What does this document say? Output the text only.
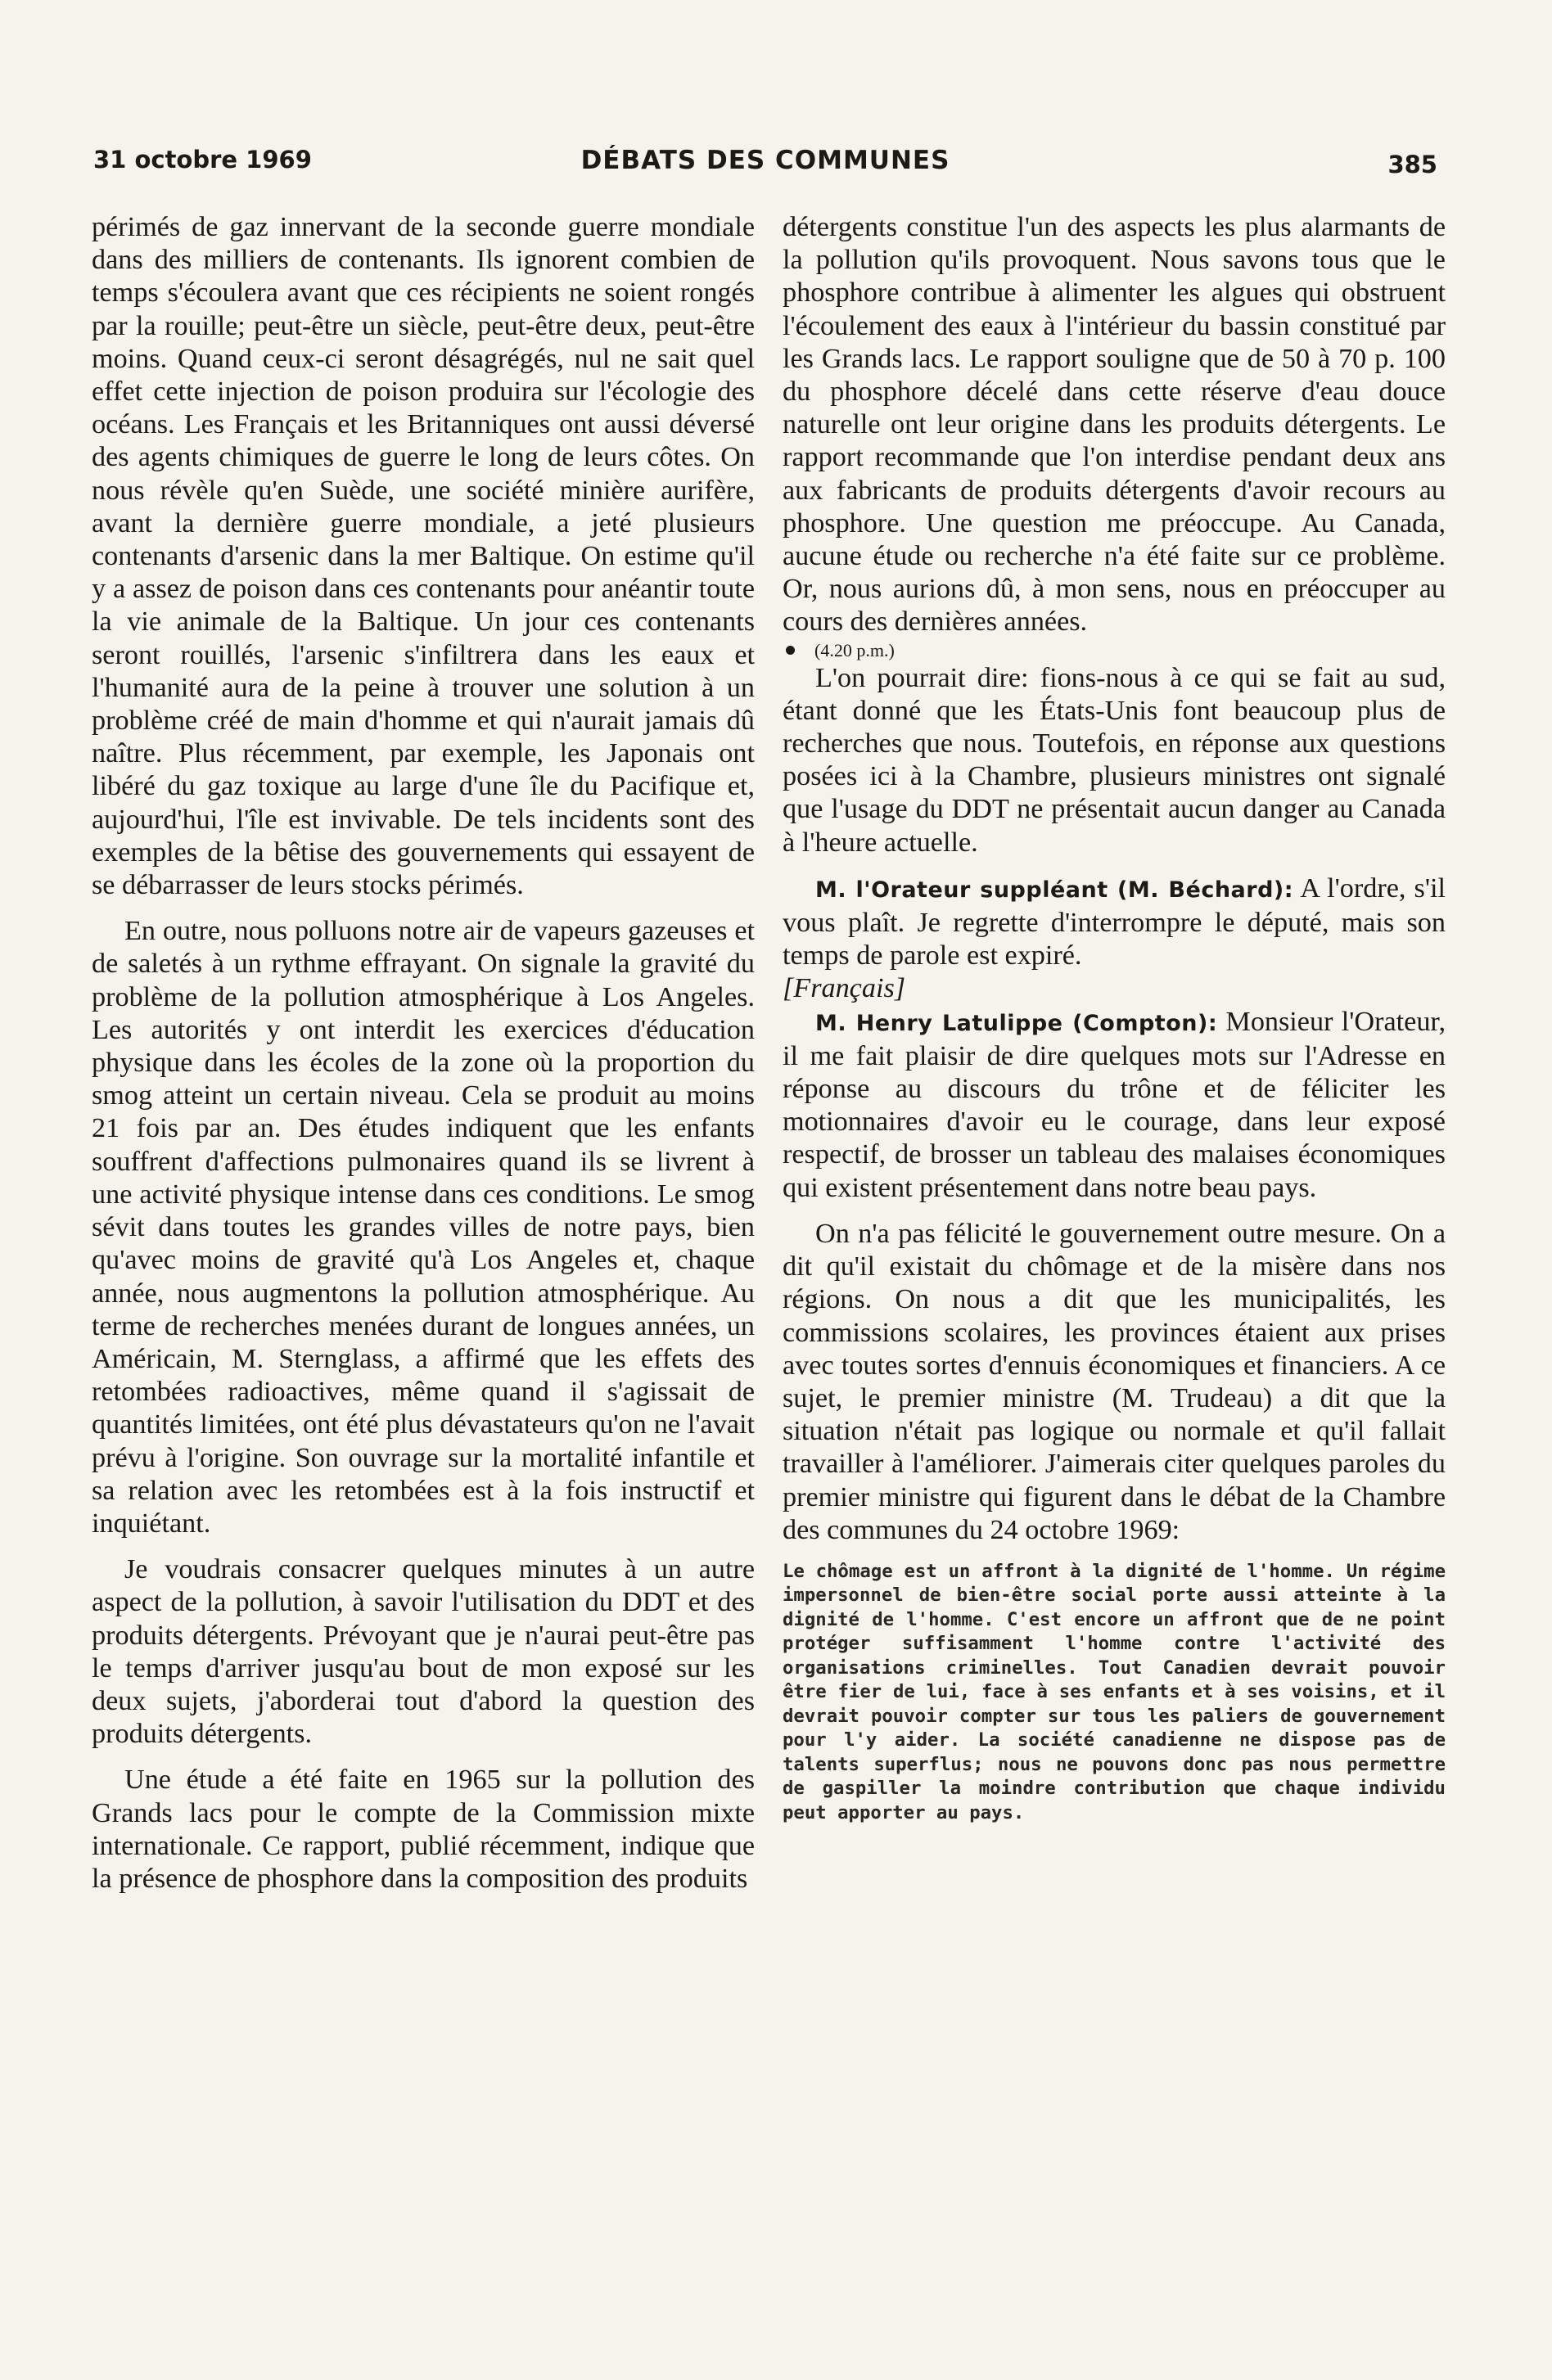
31 octobre 1969	DÉBATS DES COMMUNES	385

périmés de gaz innervant de la seconde guerre mondiale dans des milliers de contenants. Ils ignorent combien de temps s'écoulera avant que ces récipients ne soient rongés par la rouille; peut-être un siècle, peut-être deux, peut-être moins. Quand ceux-ci seront désagrégés, nul ne sait quel effet cette injection de poison produira sur l'écologie des océans. Les Français et les Britanniques ont aussi déversé des agents chimiques de guerre le long de leurs côtes. On nous révèle qu'en Suède, une société minière aurifère, avant la dernière guerre mondiale, a jeté plusieurs contenants d'arsenic dans la mer Baltique. On estime qu'il y a assez de poison dans ces contenants pour anéantir toute la vie animale de la Baltique. Un jour ces contenants seront rouillés, l'arsenic s'infiltrera dans les eaux et l'humanité aura de la peine à trouver une solution à un problème créé de main d'homme et qui n'aurait jamais dû naître. Plus récemment, par exemple, les Japonais ont libéré du gaz toxique au large d'une île du Pacifique et, aujourd'hui, l'île est invivable. De tels incidents sont des exemples de la bêtise des gouvernements qui essayent de se débarrasser de leurs stocks périmés.

En outre, nous polluons notre air de vapeurs gazeuses et de saletés à un rythme effrayant. On signale la gravité du problème de la pollution atmosphérique à Los Angeles. Les autorités y ont interdit les exercices d'éducation physique dans les écoles de la zone où la proportion du smog atteint un certain niveau. Cela se produit au moins 21 fois par an. Des études indiquent que les enfants souffrent d'affections pulmonaires quand ils se livrent à une activité physique intense dans ces conditions. Le smog sévit dans toutes les grandes villes de notre pays, bien qu'avec moins de gravité qu'à Los Angeles et, chaque année, nous augmentons la pollution atmosphérique. Au terme de recherches menées durant de longues années, un Américain, M. Sternglass, a affirmé que les effets des retombées radioactives, même quand il s'agissait de quantités limitées, ont été plus dévastateurs qu'on ne l'avait prévu à l'origine. Son ouvrage sur la mortalité infantile et sa relation avec les retombées est à la fois instructif et inquiétant.

Je voudrais consacrer quelques minutes à un autre aspect de la pollution, à savoir l'utilisation du DDT et des produits détergents. Prévoyant que je n'aurai peut-être pas le temps d'arriver jusqu'au bout de mon exposé sur les deux sujets, j'aborderai tout d'abord la question des produits détergents.

Une étude a été faite en 1965 sur la pollution des Grands lacs pour le compte de la Commission mixte internationale. Ce rapport, publié récemment, indique que la présence de phosphore dans la composition des produits

détergents constitue l'un des aspects les plus alarmants de la pollution qu'ils provoquent. Nous savons tous que le phosphore contribue à alimenter les algues qui obstruent l'écoulement des eaux à l'intérieur du bassin constitué par les Grands lacs. Le rapport souligne que de 50 à 70 p. 100 du phosphore décelé dans cette réserve d'eau douce naturelle ont leur origine dans les produits détergents. Le rapport recommande que l'on interdise pendant deux ans aux fabricants de produits détergents d'avoir recours au phosphore. Une question me préoccupe. Au Canada, aucune étude ou recherche n'a été faite sur ce problème. Or, nous aurions dû, à mon sens, nous en préoccuper au cours des dernières années.

(4.20 p.m.)

L'on pourrait dire: fions-nous à ce qui se fait au sud, étant donné que les États-Unis font beaucoup plus de recherches que nous. Toutefois, en réponse aux questions posées ici à la Chambre, plusieurs ministres ont signalé que l'usage du DDT ne présentait aucun danger au Canada à l'heure actuelle.

M. l'Orateur suppléant (M. Béchard): A l'ordre, s'il vous plaît. Je regrette d'interrompre le député, mais son temps de parole est expiré.

[Français]

M. Henry Latulippe (Compton): Monsieur l'Orateur, il me fait plaisir de dire quelques mots sur l'Adresse en réponse au discours du trône et de féliciter les motionnaires d'avoir eu le courage, dans leur exposé respectif, de brosser un tableau des malaises économiques qui existent présentement dans notre beau pays.

On n'a pas félicité le gouvernement outre mesure. On a dit qu'il existait du chômage et de la misère dans nos régions. On nous a dit que les municipalités, les commissions scolaires, les provinces étaient aux prises avec toutes sortes d'ennuis économiques et financiers. A ce sujet, le premier ministre (M. Trudeau) a dit que la situation n'était pas logique ou normale et qu'il fallait travailler à l'améliorer. J'aimerais citer quelques paroles du premier ministre qui figurent dans le débat de la Chambre des communes du 24 octobre 1969:

Le chômage est un affront à la dignité de l'homme. Un régime impersonnel de bien-être social porte aussi atteinte à la dignité de l'homme. C'est encore un affront que de ne point protéger suffisamment l'homme contre l'activité des organisations criminelles. Tout Canadien devrait pouvoir être fier de lui, face à ses enfants et à ses voisins, et il devrait pouvoir compter sur tous les paliers de gouvernement pour l'y aider. La société canadienne ne dispose pas de talents superflus; nous ne pouvons donc pas nous permettre de gaspiller la moindre contribution que chaque individu peut apporter au pays.
